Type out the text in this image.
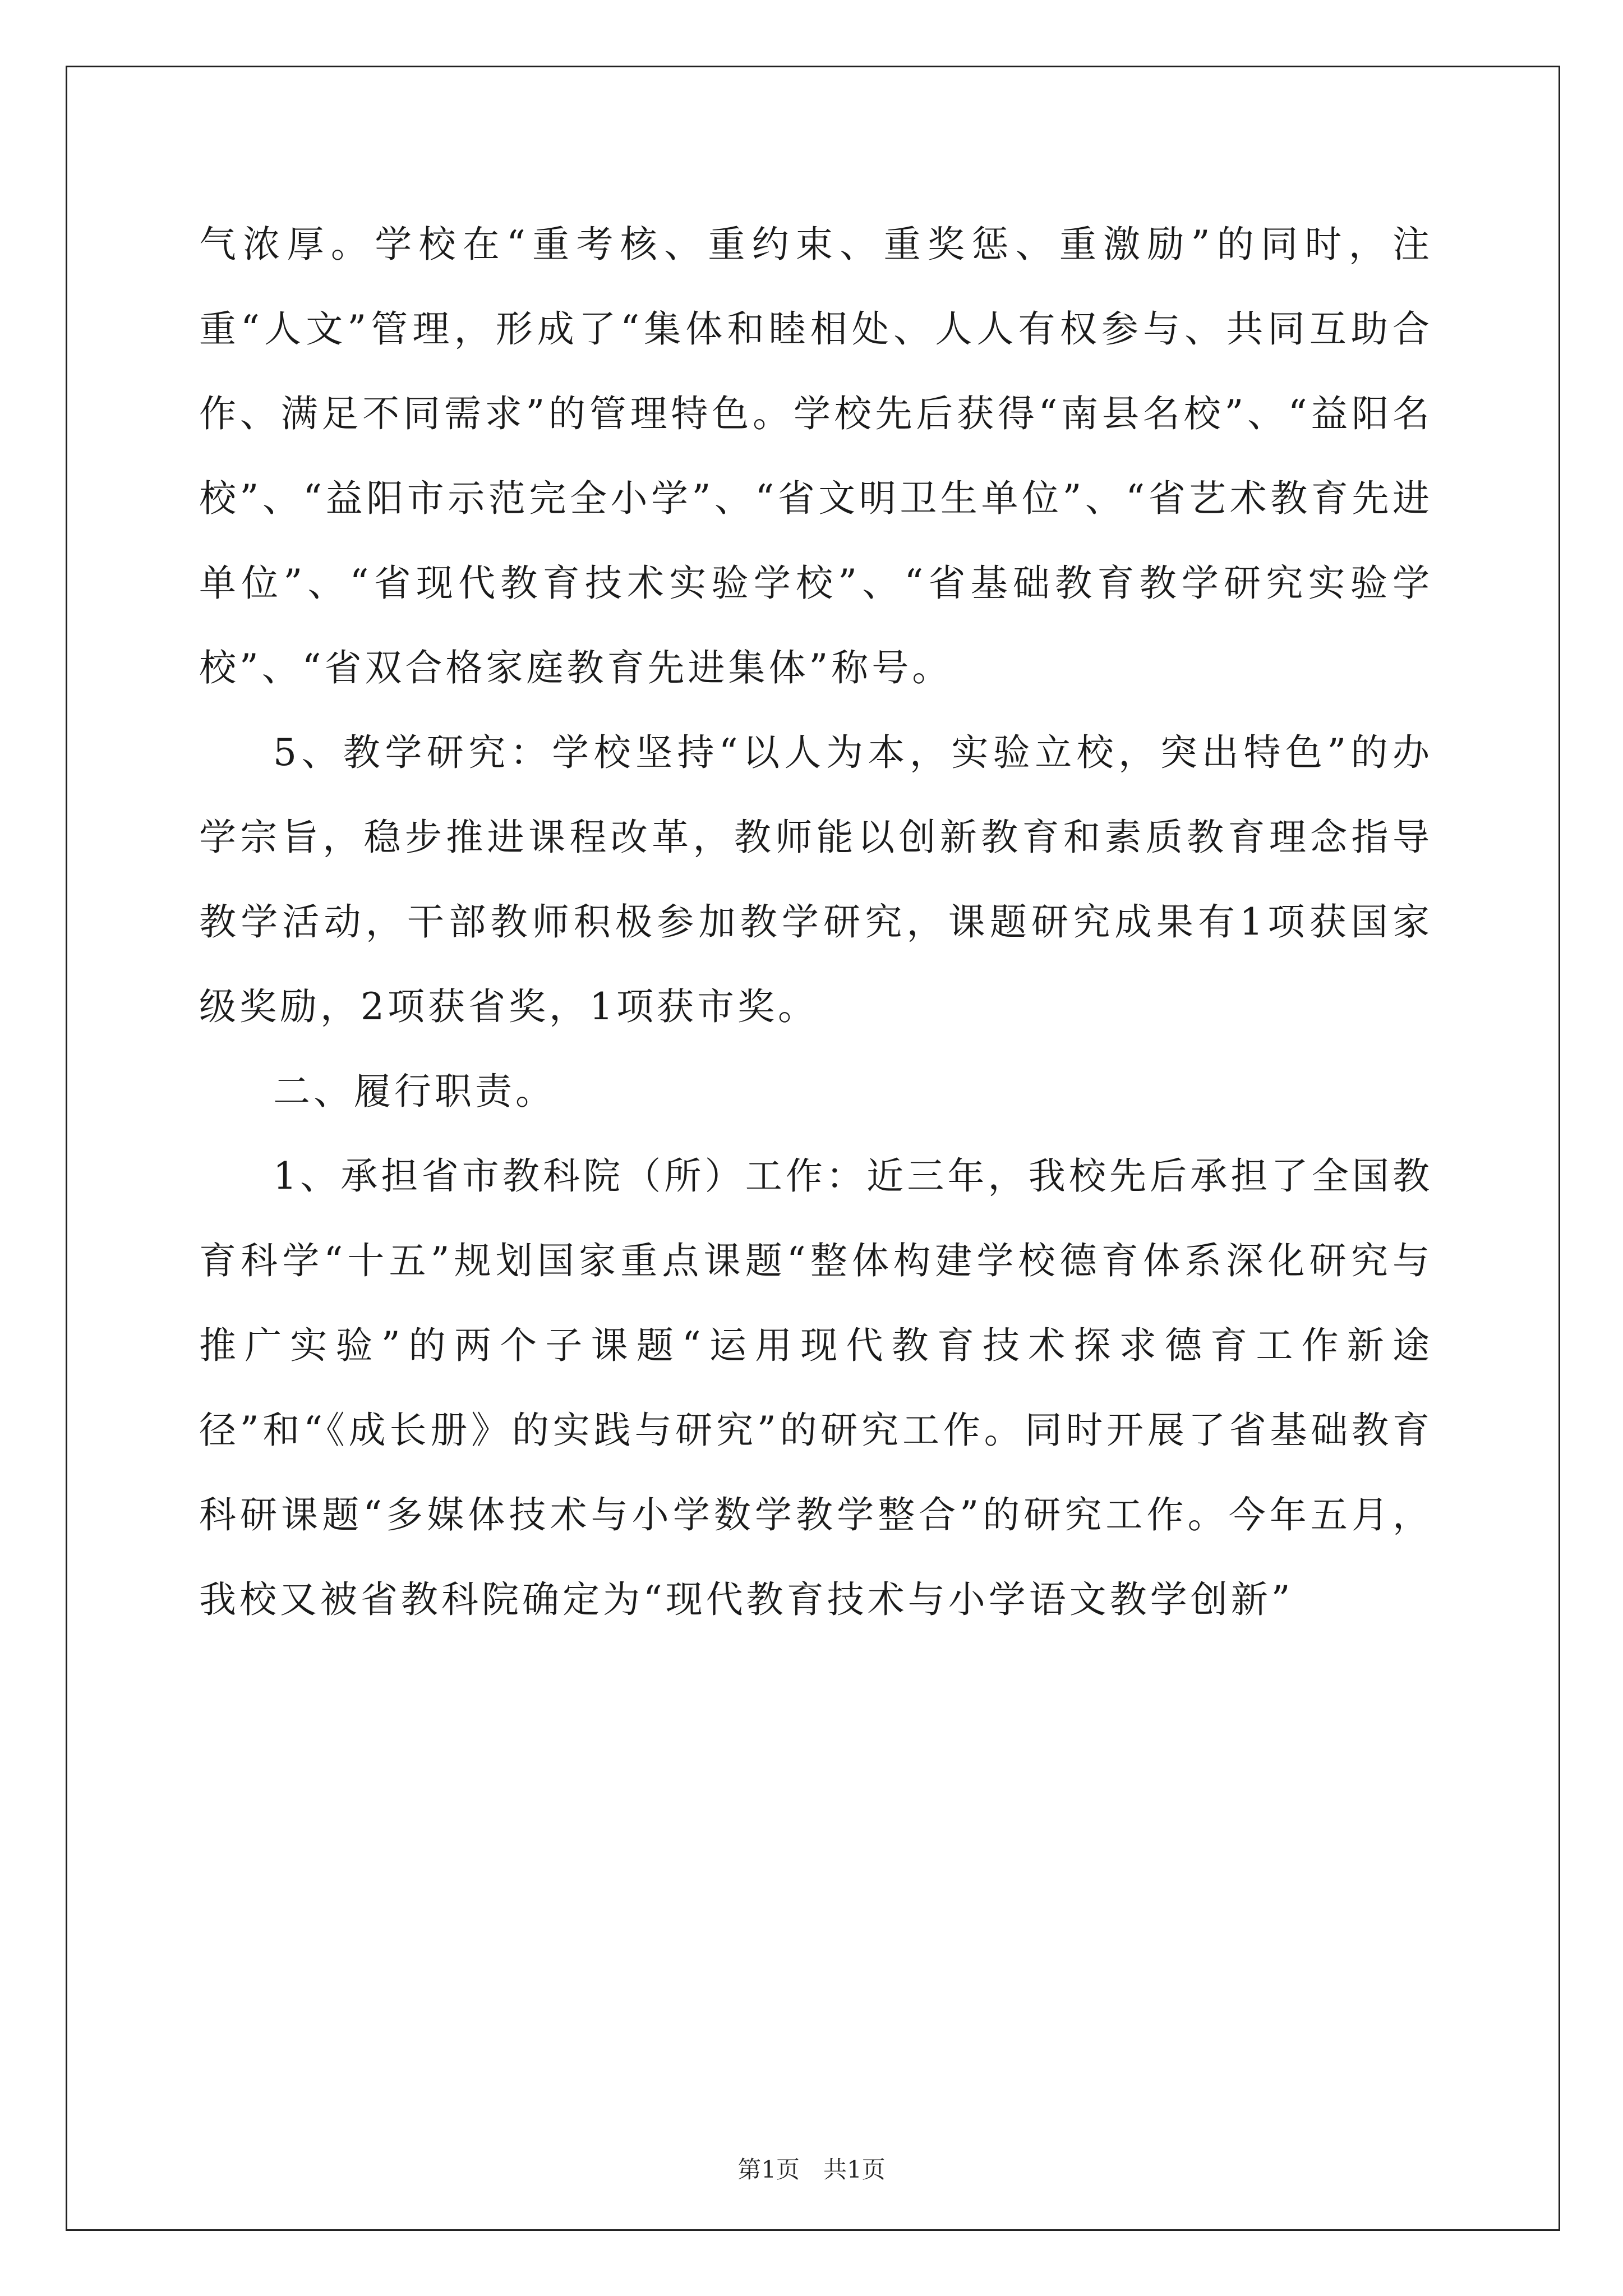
气浓厚。学校在“重考核、重约束、重奖惩、重激励”的同时，注重“人文”管理，形成了“集体和睦相处、人人有权参与、共同互助合作、满足不同需求”的管理特色。学校先后获得“南县名校”、“益阳名校”、“益阳市示范完全小学”、“省文明卫生单位”、“省艺术教育先进单位”、“省现代教育技术实验学校”、“省基础教育教学研究实验学校”、“省双合格家庭教育先进集体”称号。

5、教学研究：学校坚持“以人为本，实验立校，突出特色”的办学宗旨，稳步推进课程改革，教师能以创新教育和素质教育理念指导教学活动，干部教师积极参加教学研究，课题研究成果有1项获国家级奖励，2项获省奖，1项获市奖。

二、履行职责。

1、承担省市教科院（所）工作：近三年，我校先后承担了全国教育科学“十五”规划国家重点课题“整体构建学校德育体系深化研究与推广实验”的两个子课题“运用现代教育技术探求德育工作新途径”和“《成长册》的实践与研究”的研究工作。同时开展了省基础教育科研课题“多媒体技术与小学数学教学整合”的研究工作。今年五月，我校又被省教科院确定为“现代教育技术与小学语文教学创新”

第1页　共1页
